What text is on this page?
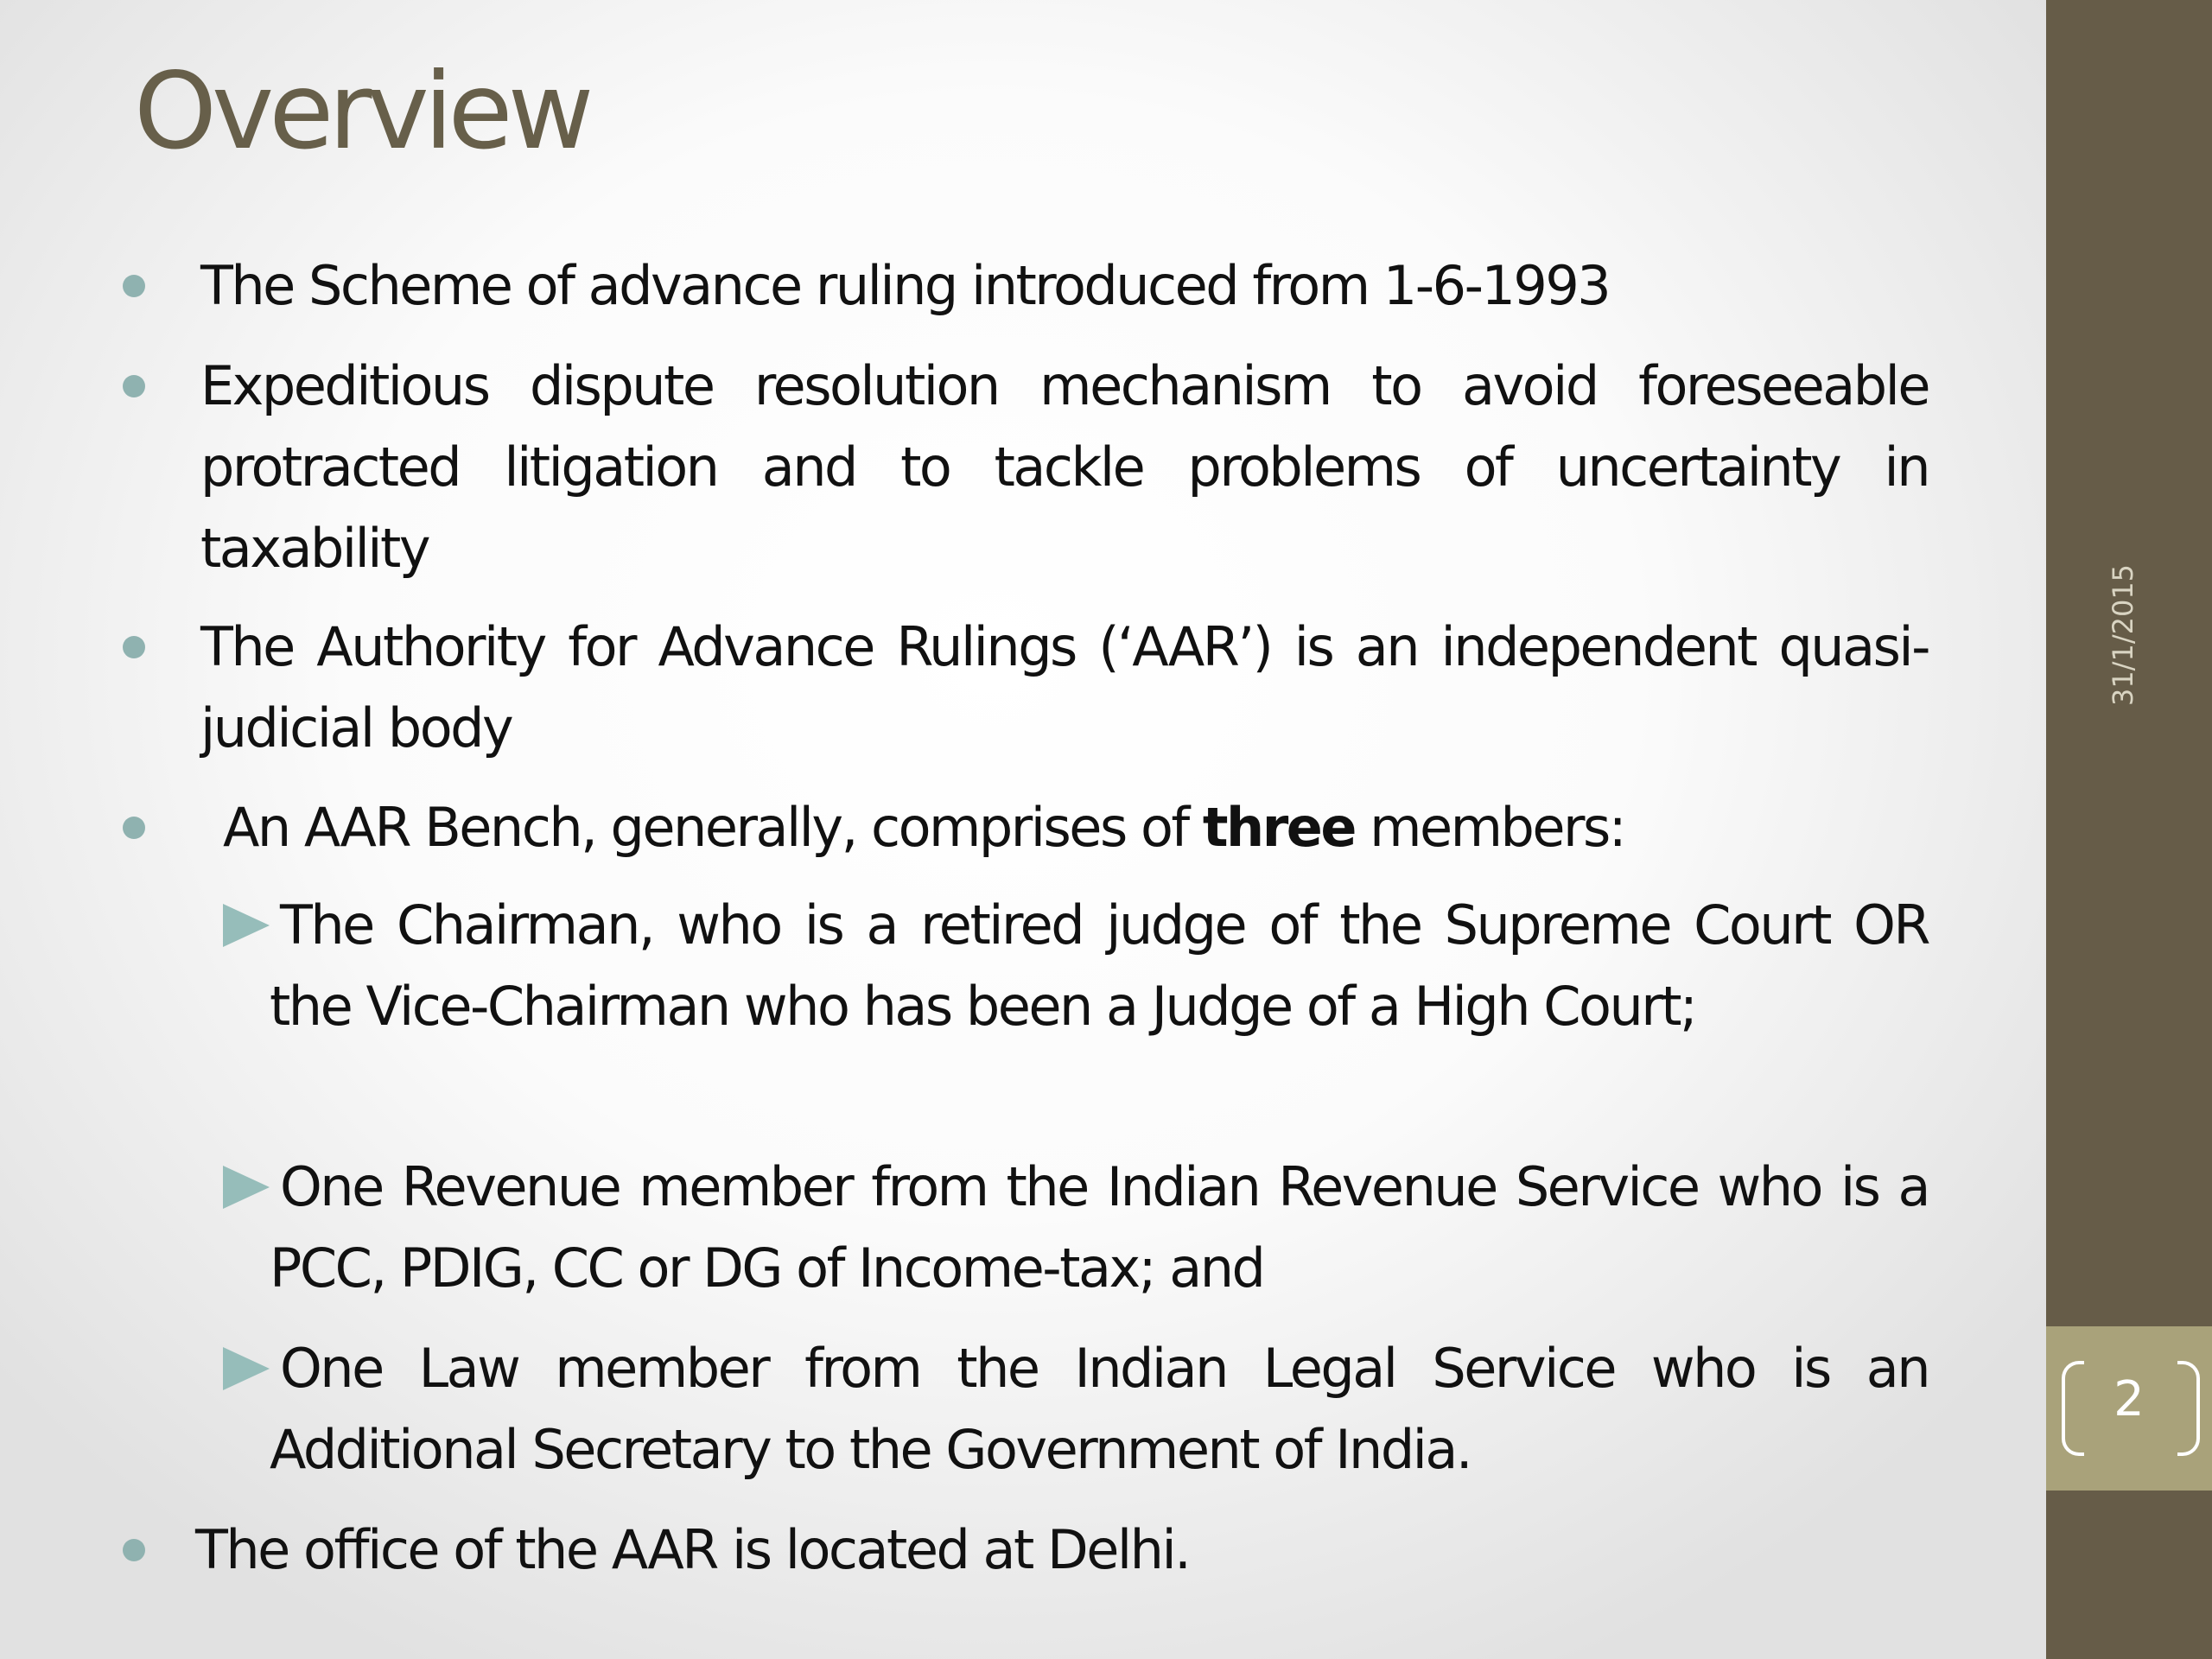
Overview
The Scheme of advance ruling introduced from 1-6-1993
Expeditious dispute resolution mechanism to avoid foreseeable protracted litigation and to tackle problems of uncertainty in taxability
The Authority for Advance Rulings (‘AAR’) is an independent quasi-judicial body
An AAR Bench, generally, comprises of three members:
The Chairman, who is a retired judge of the Supreme Court OR the Vice-Chairman who has been a Judge of a High Court;
One Revenue member from the Indian Revenue Service who is a PCC, PDIG, CC or DG of Income-tax; and
One Law member from the Indian Legal Service who is an Additional Secretary to the Government of India.
The office of the AAR is located at Delhi.
31/1/2015
2
